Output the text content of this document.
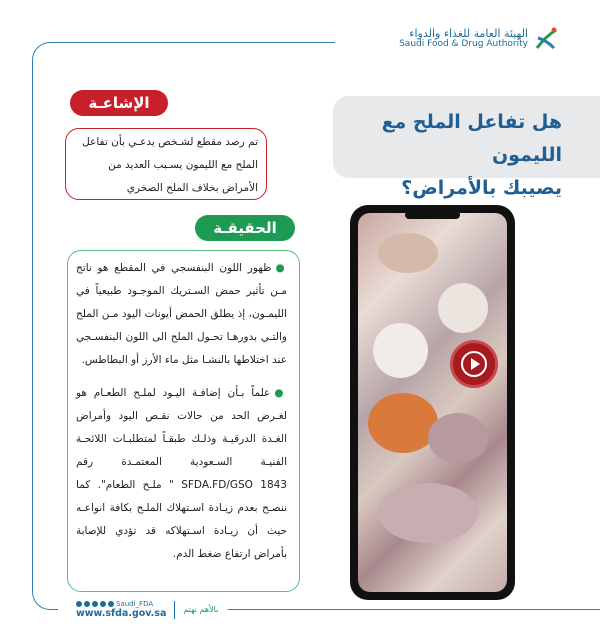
الهيئة العامة للغذاء والدواء
Saudi Food & Drug Authority
هل تفاعل الملح مع الليمون
يصيبك بالأمراض؟
الإشاعـة
تم رصد مقطع لشـخص يدعـي بأن تفاعل الملح مع الليمون يسـبب العديد من الأمراض بخلاف الملح الصخري
الحقيقـة

●ظهور اللون البنفسجي في المقطع هو ناتج مـن تأثير حمض السـتريك الموجـود طبيعياً في الليمـون، إذ يطلق الحمض أيونات اليود مـن الملح والتـي بدورهـا تحـول الملح الى اللون البنفسـجي عند اختلاطها بالنشـا مثل ماء الأرز أو البطاطس.

●علماً بـأن إضافـة اليـود لملـح الطعـام هو لغـرض الحد من حالات نقـص اليود وأمراض الغـدة الدرقيـة وذلـك طبقـاً لمتطلبـات اللائحـة الفنيـة السـعودية المعتمـدة رقم SFDA.FD/GSO 1843 " ملـح الطعام". كما ننصـح بعدم زيـادة اسـتهلاك الملـح بكافة انواعـه حيث أن زيـادة اسـتهلاكه قد تؤدي للإصابة بأمراض ارتفاع ضغط الدم.

Saudi_FDA
www.sfda.gov.sa بالأهم نهتم
